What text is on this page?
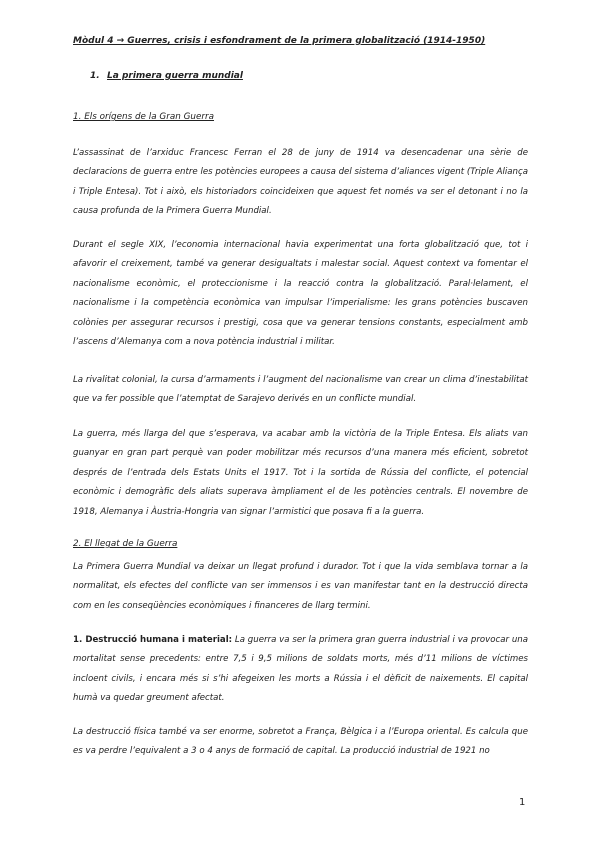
Mòdul 4 → Guerres, crisis i esfondrament de la primera globalització (1914-1950)

1. La primera guerra mundial

1. Els orígens de la Gran Guerra

L’assassinat de l’arxiduc Francesc Ferran el 28 de juny de 1914 va desencadenar una sèrie de declaracions de guerra entre les potències europees a causa del sistema d’aliances vigent (Triple Aliança i Triple Entesa). Tot i això, els historiadors coincideixen que aquest fet només va ser el detonant i no la causa profunda de la Primera Guerra Mundial.

Durant el segle XIX, l’economia internacional havia experimentat una forta globalització que, tot i afavorir el creixement, també va generar desigualtats i malestar social. Aquest context va fomentar el nacionalisme econòmic, el proteccionisme i la reacció contra la globalització. Paral·lelament, el nacionalisme i la competència econòmica van impulsar l’imperialisme: les grans potències buscaven colònies per assegurar recursos i prestigi, cosa que va generar tensions constants, especialment amb l’ascens d’Alemanya com a nova potència industrial i militar.

La rivalitat colonial, la cursa d’armaments i l’augment del nacionalisme van crear un clima d’inestabilitat que va fer possible que l’atemptat de Sarajevo derivés en un conflicte mundial.

La guerra, més llarga del que s’esperava, va acabar amb la victòria de la Triple Entesa. Els aliats van guanyar en gran part perquè van poder mobilitzar més recursos d’una manera més eficient, sobretot després de l’entrada dels Estats Units el 1917. Tot i la sortida de Rússia del conflicte, el potencial econòmic i demogràfic dels aliats superava àmpliament el de les potències centrals. El novembre de 1918, Alemanya i Àustria-Hongria van signar l’armistici que posava fi a la guerra.

2. El llegat de la Guerra

La Primera Guerra Mundial va deixar un llegat profund i durador. Tot i que la vida semblava tornar a la normalitat, els efectes del conflicte van ser immensos i es van manifestar tant en la destrucció directa com en les conseqüències econòmiques i financeres de llarg termini.

1. Destrucció humana i material: La guerra va ser la primera gran guerra industrial i va provocar una mortalitat sense precedents: entre 7,5 i 9,5 milions de soldats morts, més d’11 milions de víctimes incloent civils, i encara més si s’hi afegeixen les morts a Rússia i el dèficit de naixements. El capital humà va quedar greument afectat.

La destrucció física també va ser enorme, sobretot a França, Bèlgica i a l’Europa oriental. Es calcula que es va perdre l’equivalent a 3 o 4 anys de formació de capital. La producció industrial de 1921 no

1
